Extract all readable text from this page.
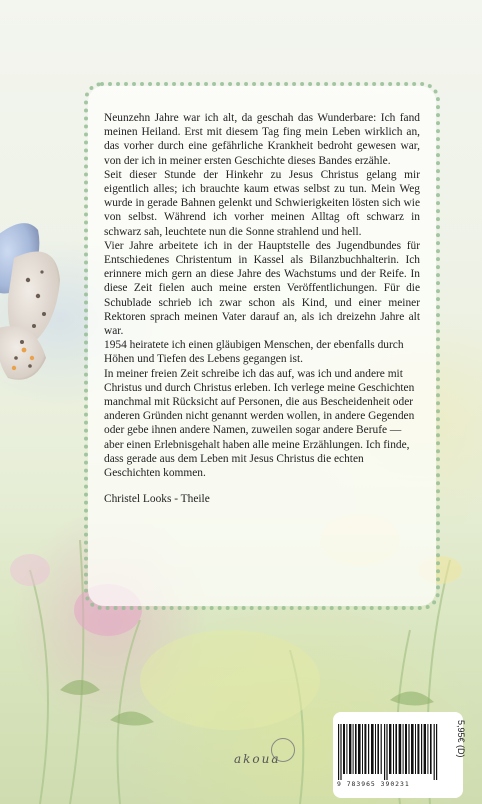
Neunzehn Jahre war ich alt, da geschah das Wunderbare: Ich fand meinen Heiland. Erst mit diesem Tag fing mein Leben wirklich an, das vorher durch eine gefährliche Krankheit bedroht gewesen war, von der ich in meiner ersten Geschichte dieses Bandes erzähle.

Seit dieser Stunde der Hinkehr zu Jesus Christus gelang mir eigentlich alles; ich brauchte kaum etwas selbst zu tun. Mein Weg wurde in gerade Bahnen gelenkt und Schwierigkeiten lösten sich wie von selbst. Während ich vorher meinen Alltag oft schwarz in schwarz sah, leuchtete nun die Sonne strahlend und hell.

Vier Jahre arbeitete ich in der Hauptstelle des Jugendbundes für Entschiedenes Christentum in Kassel als Bilanzbuchhalterin. Ich erinnere mich gern an diese Jahre des Wachstums und der Reife. In diese Zeit fielen auch meine ersten Veröffentlichungen. Für die Schublade schrieb ich zwar schon als Kind, und einer meiner Rektoren sprach meinen Vater darauf an, als ich dreizehn Jahre alt war.

1954 heiratete ich einen gläubigen Menschen, der ebenfalls durch Höhen und Tiefen des Lebens gegangen ist.

In meiner freien Zeit schreibe ich das auf, was ich und andere mit Christus und durch Christus erleben. Ich verlege meine Geschichten manchmal mit Rücksicht auf Personen, die aus Bescheidenheit oder anderen Gründen nicht genannt werden wollen, in andere Gegenden oder gebe ihnen andere Namen, zuweilen sogar andere Berufe — aber einen Erlebnisgehalt haben alle meine Erzählungen. Ich finde, dass gerade aus dem Leben mit Jesus Christus die echten Geschichten kommen.

Christel Looks - Theile

akoua
9 783965 390231
5,95€ (D)
